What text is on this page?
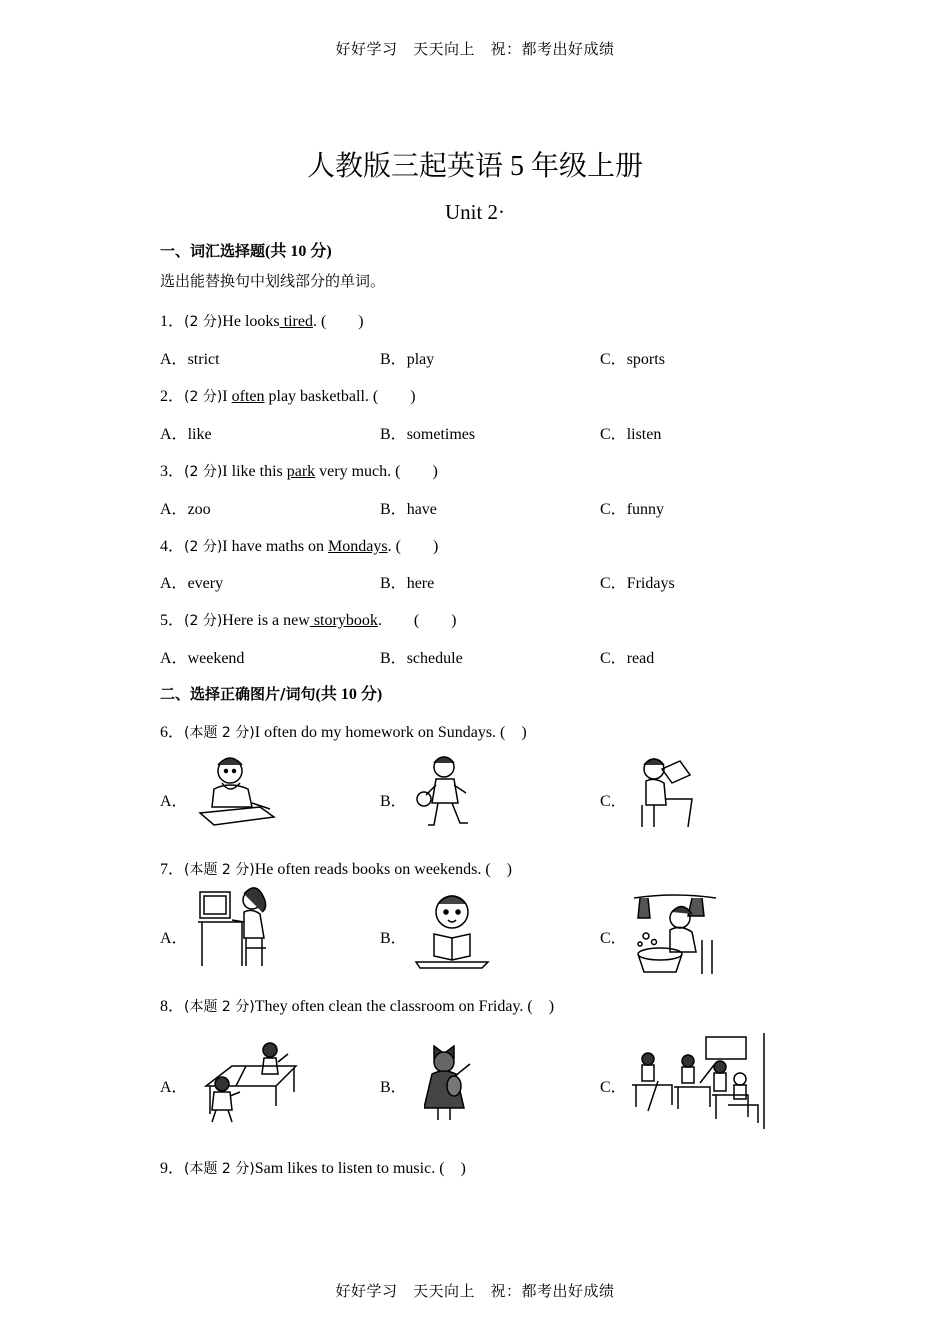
好好学习　天天向上　祝：都考出好成绩
人教版三起英语 5 年级上册
Unit 2·
一、词汇选择题(共 10 分)
选出能替换句中划线部分的单词。
1．(2 分)He looks tired. (　　)
A．strict	B．play	C．sports
2．(2 分)I often play basketball. (　　)
A．like	B．sometimes	C．listen
3．(2 分)I like this park very much. (　　)
A．zoo	B．have	C．funny
4．(2 分)I have maths on Mondays. (　　)
A．every	B．here	C．Fridays
5．(2 分)Here is a new storybook.　　(　　)
A．weekend	B．schedule	C．read
二、选择正确图片/词句(共 10 分)
6．(本题 2 分)I often do my homework on Sundays. (　)
A．	B．	C．
7．(本题 2 分)He often reads books on weekends. (　)
A．	B．	C．
8．(本题 2 分)They often clean the classroom on Friday. (　)
A．	B．	C．
9．(本题 2 分)Sam likes to listen to music. (　)
好好学习　天天向上　祝：都考出好成绩
